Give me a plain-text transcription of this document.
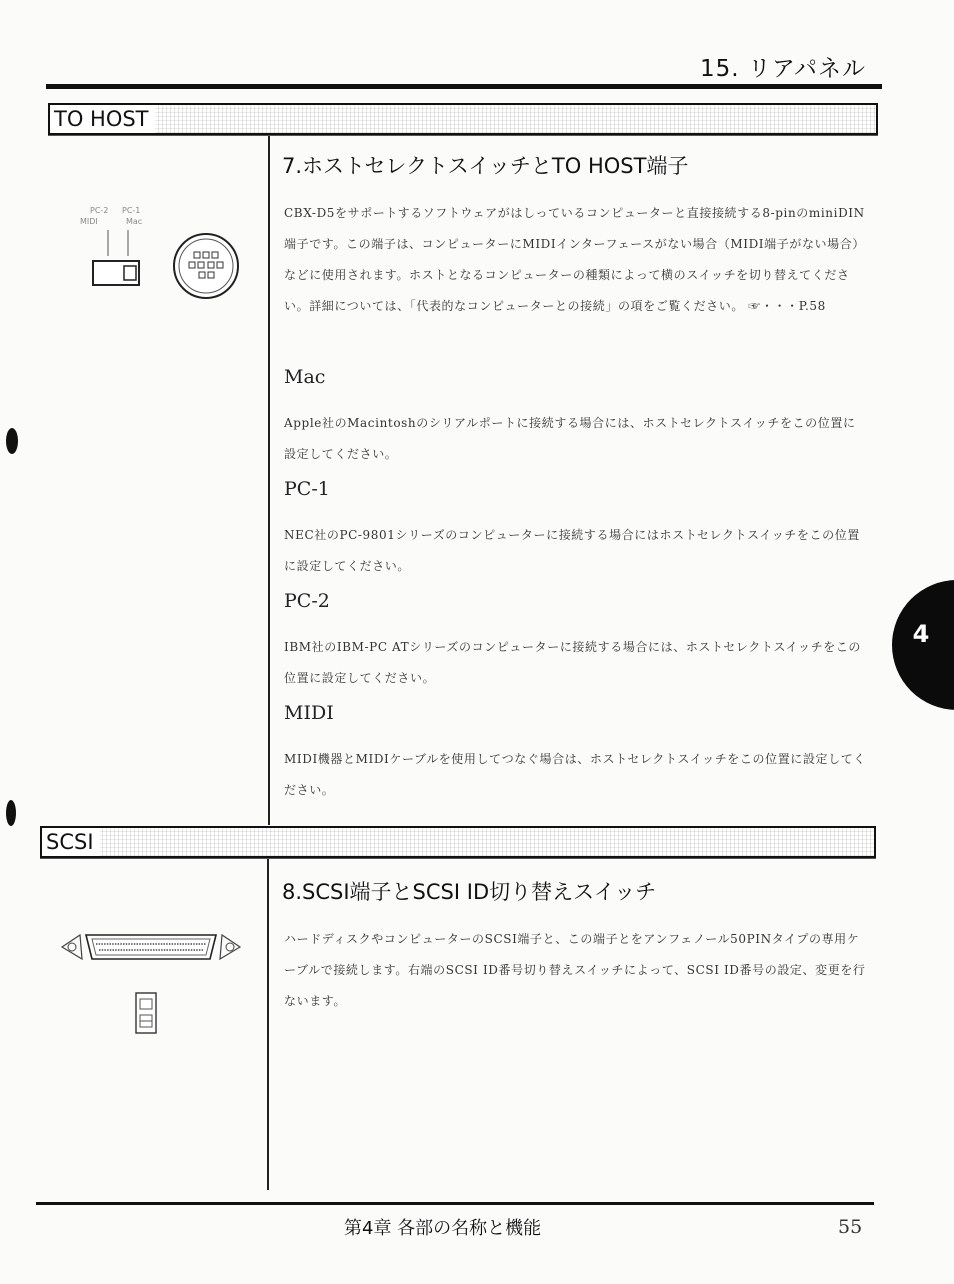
15. リアパネル
TO HOST
PC-2 PC-1
MIDI	Mac
7.ホストセレクトスイッチとTO HOST端子
CBX-D5をサポートするソフトウェアがはしっているコンピューターと直接接続する8-pinのminiDIN端子です。この端子は、コンピューターにMIDIインターフェースがない場合（MIDI端子がない場合）などに使用されます。ホストとなるコンピューターの種類によって横のスイッチを切り替えてください。詳細については、「代表的なコンピューターとの接続」の項をご覧ください。 ☞・・・P.58
Mac
Apple社のMacintoshのシリアルポートに接続する場合には、ホストセレクトスイッチをこの位置に設定してください。
PC-1
NEC社のPC-9801シリーズのコンピューターに接続する場合にはホストセレクトスイッチをこの位置に設定してください。
PC-2
IBM社のIBM-PC ATシリーズのコンピューターに接続する場合には、ホストセレクトスイッチをこの位置に設定してください。
MIDI
MIDI機器とMIDIケーブルを使用してつなぐ場合は、ホストセレクトスイッチをこの位置に設定してください。
SCSI
8.SCSI端子とSCSI ID切り替えスイッチ
ハードディスクやコンピューターのSCSI端子と、この端子とをアンフェノール50PINタイプの専用ケーブルで接続します。右端のSCSI ID番号切り替えスイッチによって、SCSI ID番号の設定、変更を行ないます。
4
第4章 各部の名称と機能	55
